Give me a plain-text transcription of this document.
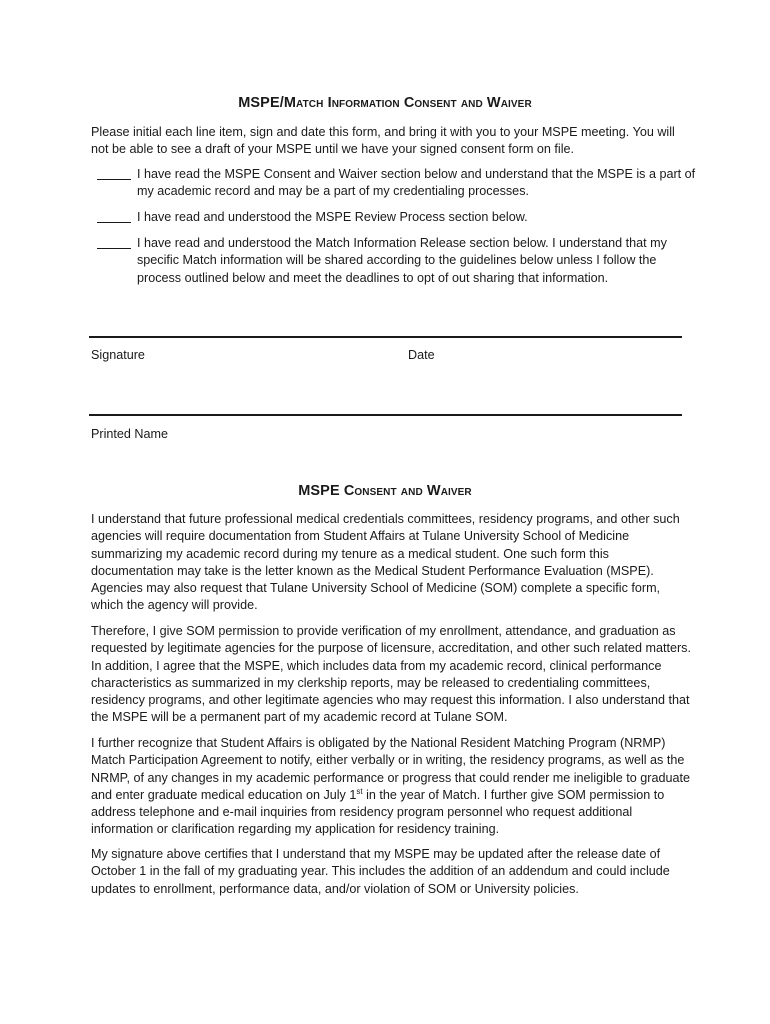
MSPE/Match Information Consent and Waiver
Please initial each line item, sign and date this form, and bring it with you to your MSPE meeting. You will not be able to see a draft of your MSPE until we have your signed consent form on file.
I have read the MSPE Consent and Waiver section below and understand that the MSPE is a part of my academic record and may be a part of my credentialing processes.
I have read and understood the MSPE Review Process section below.
I have read and understood the Match Information Release section below. I understand that my specific Match information will be shared according to the guidelines below unless I follow the process outlined below and meet the deadlines to opt of out sharing that information.
Signature	Date
Printed Name
MSPE Consent and Waiver
I understand that future professional medical credentials committees, residency programs, and other such agencies will require documentation from Student Affairs at Tulane University School of Medicine summarizing my academic record during my tenure as a medical student. One such form this documentation may take is the letter known as the Medical Student Performance Evaluation (MSPE). Agencies may also request that Tulane University School of Medicine (SOM) complete a specific form, which the agency will provide.
Therefore, I give SOM permission to provide verification of my enrollment, attendance, and graduation as requested by legitimate agencies for the purpose of licensure, accreditation, and other such related matters. In addition, I agree that the MSPE, which includes data from my academic record, clinical performance characteristics as summarized in my clerkship reports, may be released to credentialing committees, residency programs, and other legitimate agencies who may request this information. I also understand that the MSPE will be a permanent part of my academic record at Tulane SOM.
I further recognize that Student Affairs is obligated by the National Resident Matching Program (NRMP) Match Participation Agreement to notify, either verbally or in writing, the residency programs, as well as the NRMP, of any changes in my academic performance or progress that could render me ineligible to graduate and enter graduate medical education on July 1st in the year of Match. I further give SOM permission to address telephone and e-mail inquiries from residency program personnel who request additional information or clarification regarding my application for residency training.
My signature above certifies that I understand that my MSPE may be updated after the release date of October 1 in the fall of my graduating year. This includes the addition of an addendum and could include updates to enrollment, performance data, and/or violation of SOM or University policies.
